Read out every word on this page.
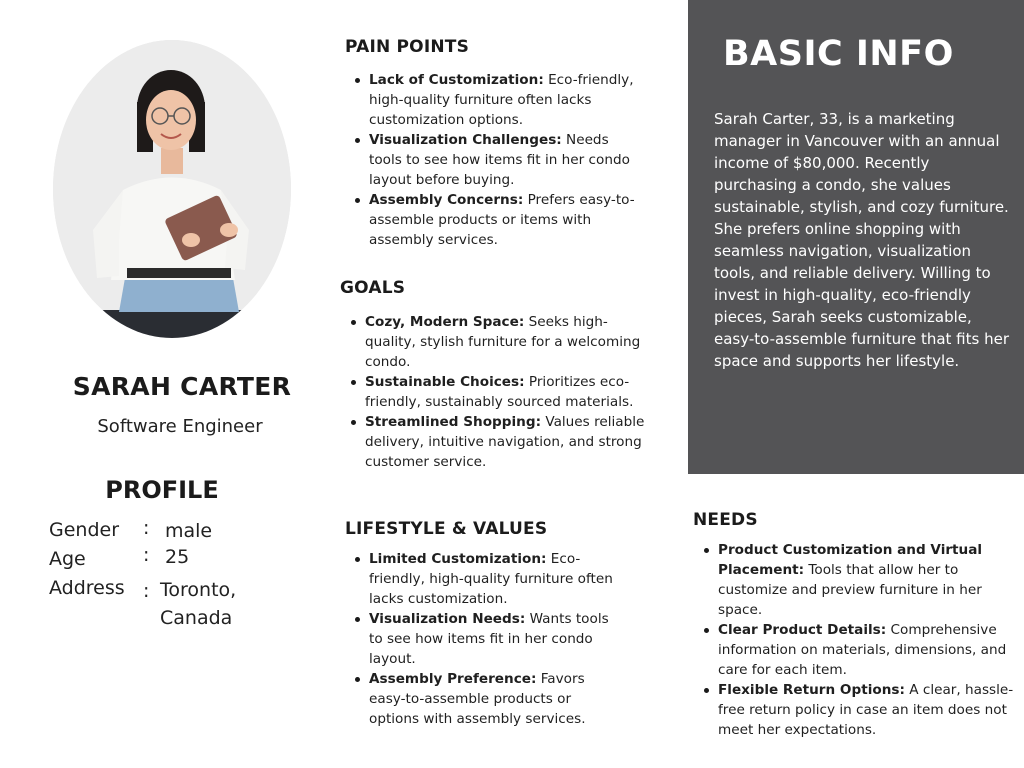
SARAH CARTER
Software Engineer
PROFILE
Gender : male
Age	: 25
Address : Toronto,
Canada
PAIN POINTS
Lack of Customization: Eco-friendly, high-quality furniture often lacks customization options.
Visualization Challenges: Needs tools to see how items fit in her condo layout before buying.
Assembly Concerns: Prefers easy-to-assemble products or items with assembly services.
GOALS
Cozy, Modern Space: Seeks high-quality, stylish furniture for a welcoming condo.
Sustainable Choices: Prioritizes eco-friendly, sustainably sourced materials.
Streamlined Shopping: Values reliable delivery, intuitive navigation, and strong customer service.
LIFESTYLE & VALUES
Limited Customization: Eco-friendly, high-quality furniture often lacks customization.
Visualization Needs: Wants tools to see how items fit in her condo layout.
Assembly Preference: Favors easy-to-assemble products or options with assembly services.
BASIC INFO
Sarah Carter, 33, is a marketing manager in Vancouver with an annual income of $80,000. Recently purchasing a condo, she values sustainable, stylish, and cozy furniture. She prefers online shopping with seamless navigation, visualization tools, and reliable delivery. Willing to invest in high-quality, eco-friendly pieces, Sarah seeks customizable, easy-to-assemble furniture that fits her space and supports her lifestyle.
NEEDS
Product Customization and Virtual Placement: Tools that allow her to customize and preview furniture in her space.
Clear Product Details: Comprehensive information on materials, dimensions, and care for each item.
Flexible Return Options: A clear, hassle-free return policy in case an item does not meet her expectations.
